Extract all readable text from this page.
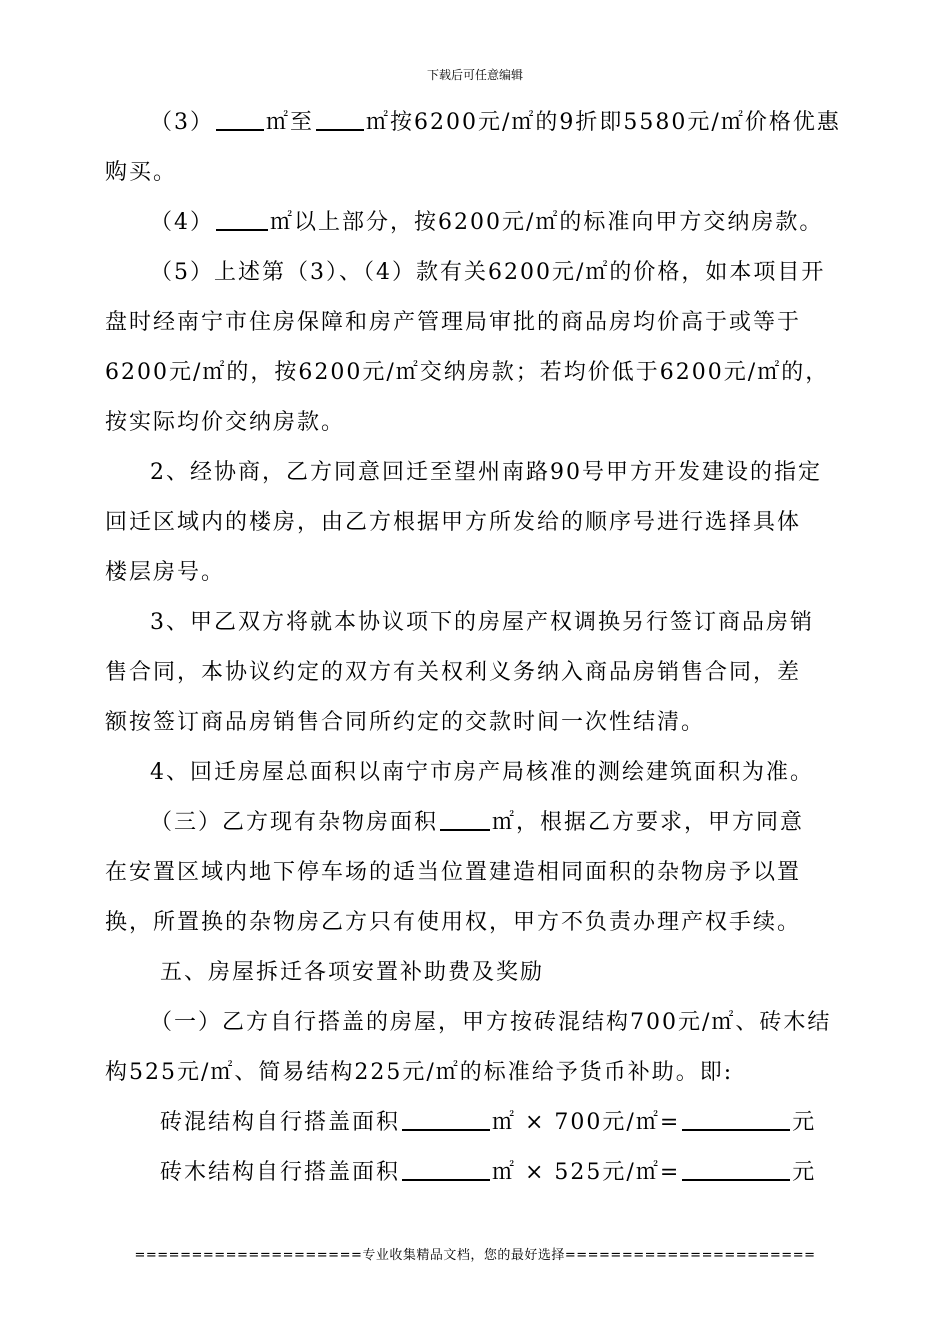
下载后可任意编辑
（3） ㎡至 ㎡按6200元/㎡的9折即5580元/㎡价格优惠
购买。
（4）	㎡以上部分，按6200元/㎡的标准向甲方交纳房款。
（5）上述第（3）、（4）款有关6200元/㎡的价格，如本项目开
盘时经南宁市住房保障和房产管理局审批的商品房均价高于或等于
6200元/㎡的，按6200元/㎡交纳房款；若均价低于6200元/㎡的，
按实际均价交纳房款。
2、经协商，乙方同意回迁至望州南路90号甲方开发建设的指定
回迁区域内的楼房，由乙方根据甲方所发给的顺序号进行选择具体
楼层房号。
3、甲乙双方将就本协议项下的房屋产权调换另行签订商品房销
售合同，本协议约定的双方有关权利义务纳入商品房销售合同，差
额按签订商品房销售合同所约定的交款时间一次性结清。
4、回迁房屋总面积以南宁市房产局核准的测绘建筑面积为准。
（三）乙方现有杂物房面积 ㎡，根据乙方要求，甲方同意
在安置区域内地下停车场的适当位置建造相同面积的杂物房予以置
换，所置换的杂物房乙方只有使用权，甲方不负责办理产权手续。
五、房屋拆迁各项安置补助费及奖励
（一）乙方自行搭盖的房屋，甲方按砖混结构700元/㎡、砖木结
构525元/㎡、简易结构225元/㎡的标准给予货币补助。即:
砖混结构自行搭盖面积	㎡ × 700元/㎡=	元
砖木结构自行搭盖面积	㎡ × 525元/㎡=	元
====================专业收集精品文档，您的最好选择======================
